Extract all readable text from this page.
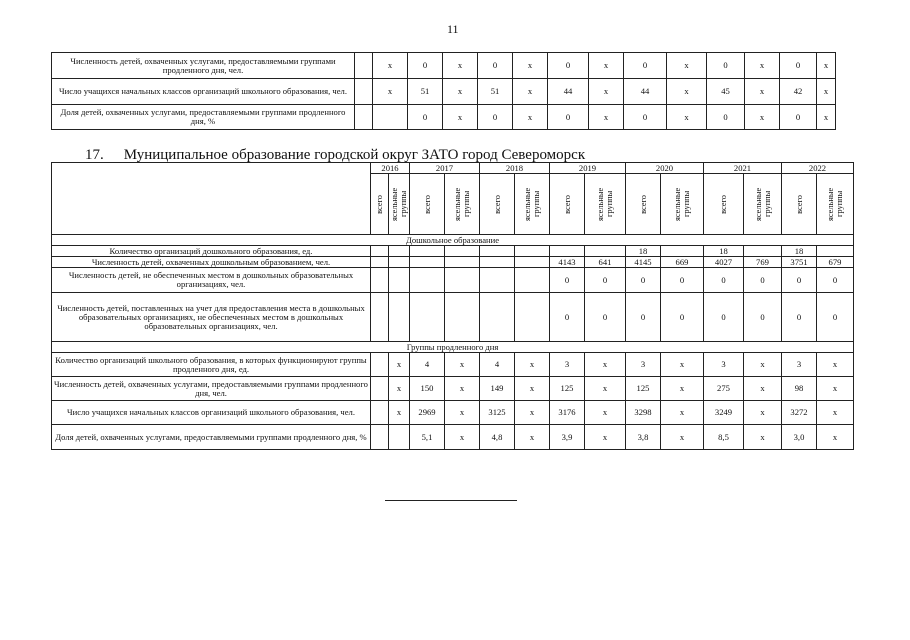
11
Численность детей, охваченных услугами, предоставляемыми группами продленного дня, чел.		x	0	x	0	x	0	x	0	x	0	x	0	x
Число учащихся начальных классов организаций школьного образования, чел.		x	51	x	51	x	44	x	44	x	45	x	42	x
Доля детей, охваченных услугами, предоставляемыми группами продленного дня, %			0	x	0	x	0	x	0	x	0	x	0	x
17. Муниципальное образование городской округ ЗАТО город Североморск
	2016		2017		2018		2019		2020		2021		2022	

	всего	ясельные группы	всего	ясельные группы	всего	ясельные группы	всего	ясельные группы	всего	ясельные группы	всего	ясельные группы	всего	ясельные группы

Дошкольное образование														
Количество организаций дошкольного образования, ед.									18		18		18	
Численность детей, охваченных дошкольным образованием, чел.							4143	641	4145	669	4027	769	3751	679
Численность детей, не обеспеченных местом в дошкольных образовательных организациях, чел.							0	0	0	0	0	0	0	0
Численность детей, поставленных на учет для предоставления места в дошкольных образовательных организациях, не обеспеченных местом в дошкольных образовательных организациях, чел.							0	0	0	0	0	0	0	0
Группы продленного дня														
Количество организаций школьного образования, в которых функционируют группы продленного дня, ед.		x	4	x	4	x	3	x	3	x	3	x	3	x
Численность детей, охваченных услугами, предоставляемыми группами продленного дня, чел.		x	150	x	149	x	125	x	125	x	275	x	98	x
Число учащихся начальных классов организаций школьного образования, чел.		x	2969	x	3125	x	3176	x	3298	x	3249	x	3272	x
Доля детей, охваченных услугами, предоставляемыми группами продленного дня, %			5,1	x	4,8	x	3,9	x	3,8	x	8,5	x	3,0	x
